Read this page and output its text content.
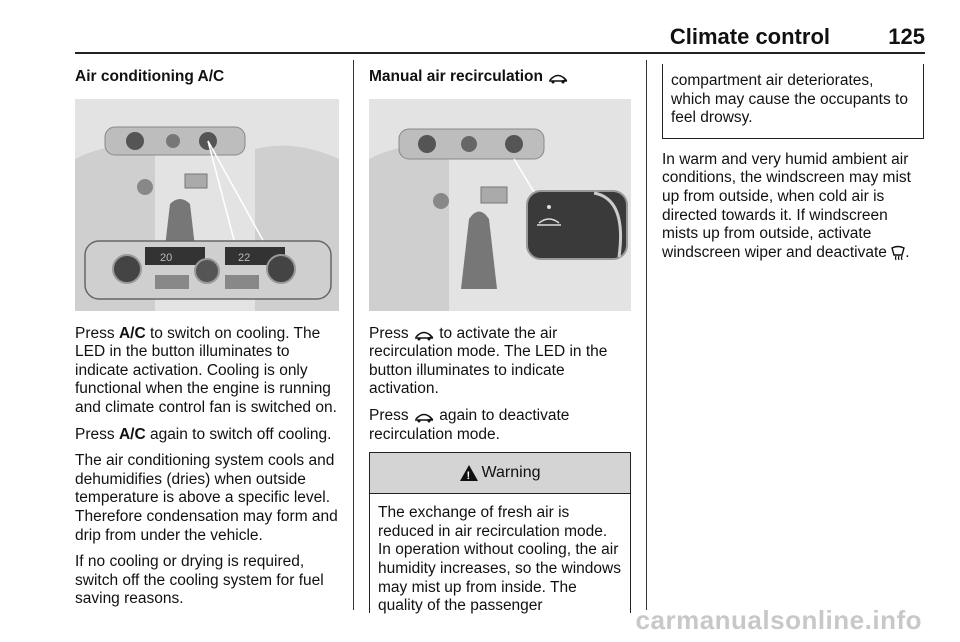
Climate control	125
Air conditioning A/C
20	22

Press A/C to switch on cooling. The LED in the button illuminates to indicate activation. Cooling is only functional when the engine is running and climate control fan is switched on.

Press A/C again to switch off cooling.

The air conditioning system cools and dehumidifies (dries) when outside temperature is above a specific level. Therefore condensation may form and drip from under the vehicle.

If no cooling or drying is required, switch off the cooling system for fuel saving reasons.

Manual air recirculation

Press  to activate the air recirculation mode. The LED in the button illuminates to indicate activation.

Press  again to deactivate recirculation mode.

!
Warning
The exchange of fresh air is reduced in air recirculation mode. In operation without cooling, the air humidity increases, so the windows may mist up from inside. The quality of the passenger
compartment air deteriorates, which may cause the occupants to feel drowsy.

In warm and very humid ambient air conditions, the windscreen may mist up from outside, when cold air is directed towards it. If windscreen mists up from outside, activate windscreen wiper and deactivate .

carmanualsonline.info
